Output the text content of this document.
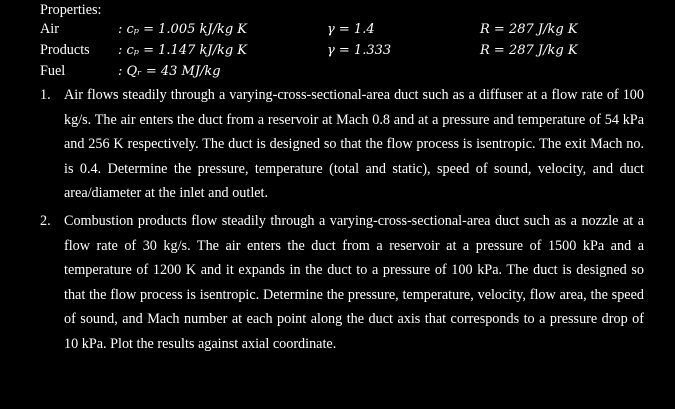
Properties:
Air	: cₚ = 1.005 kJ/kg K	γ = 1.4	R = 287 J/kg K
Products : cₚ = 1.147 kJ/kg K	γ = 1.333	R = 287 J/kg K
Fuel	: Qᵣ = 43 MJ/kg
1. Air flows steadily through a varying-cross-sectional-area duct such as a diffuser at a flow rate of 100 kg/s. The air enters the duct from a reservoir at Mach 0.8 and at a pressure and temperature of 54 kPa and 256 K respectively. The duct is designed so that the flow process is isentropic. The exit Mach no. is 0.4. Determine the pressure, temperature (total and static), speed of sound, velocity, and duct area/diameter at the inlet and outlet.
2. Combustion products flow steadily through a varying-cross-sectional-area duct such as a nozzle at a flow rate of 30 kg/s. The air enters the duct from a reservoir at a pressure of 1500 kPa and a temperature of 1200 K and it expands in the duct to a pressure of 100 kPa. The duct is designed so that the flow process is isentropic. Determine the pressure, temperature, velocity, flow area, the speed of sound, and Mach number at each point along the duct axis that corresponds to a pressure drop of 10 kPa. Plot the results against axial coordinate.
